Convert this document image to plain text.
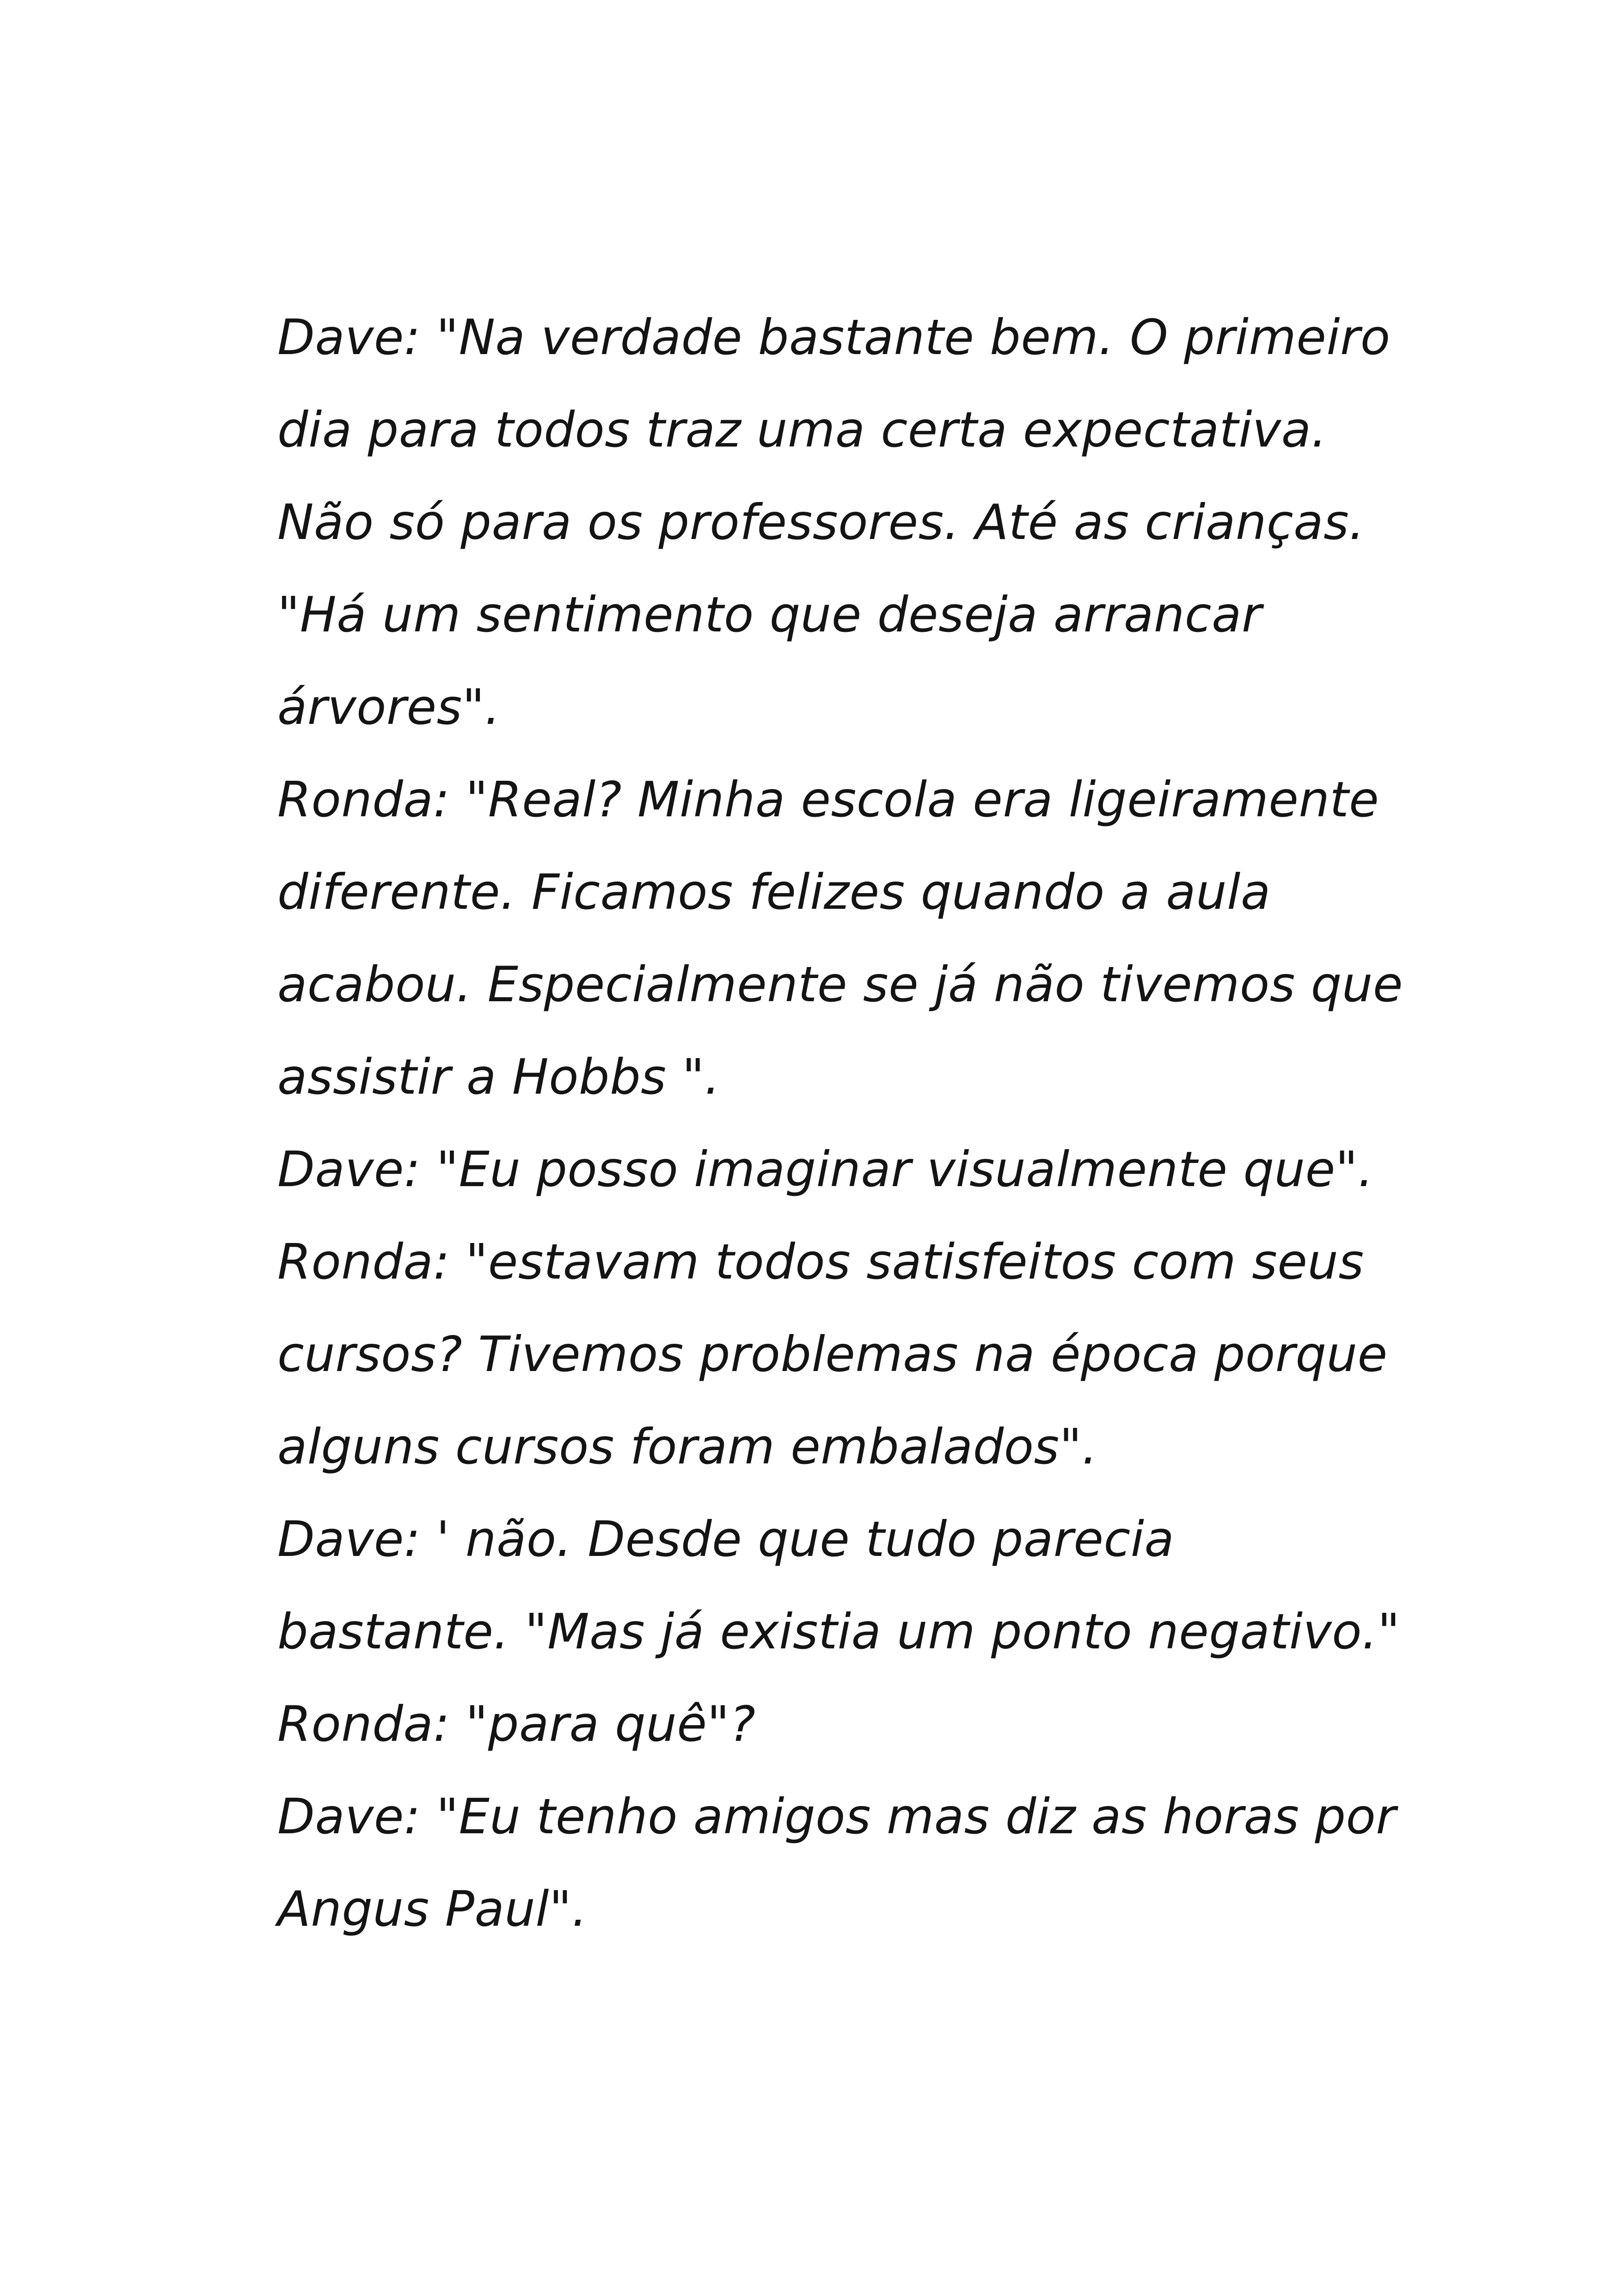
Dave: "Na verdade bastante bem. O primeiro
dia para todos traz uma certa expectativa.
Não só para os professores. Até as crianças.
"Há um sentimento que deseja arrancar
árvores".
Ronda: "Real? Minha escola era ligeiramente
diferente. Ficamos felizes quando a aula
acabou. Especialmente se já não tivemos que
assistir a Hobbs ".
Dave: "Eu posso imaginar visualmente que".
Ronda: "estavam todos satisfeitos com seus
cursos? Tivemos problemas na época porque
alguns cursos foram embalados".
Dave: ' não. Desde que tudo parecia
bastante. "Mas já existia um ponto negativo."
Ronda: "para quê"?
Dave: "Eu tenho amigos mas diz as horas por
Angus Paul".
